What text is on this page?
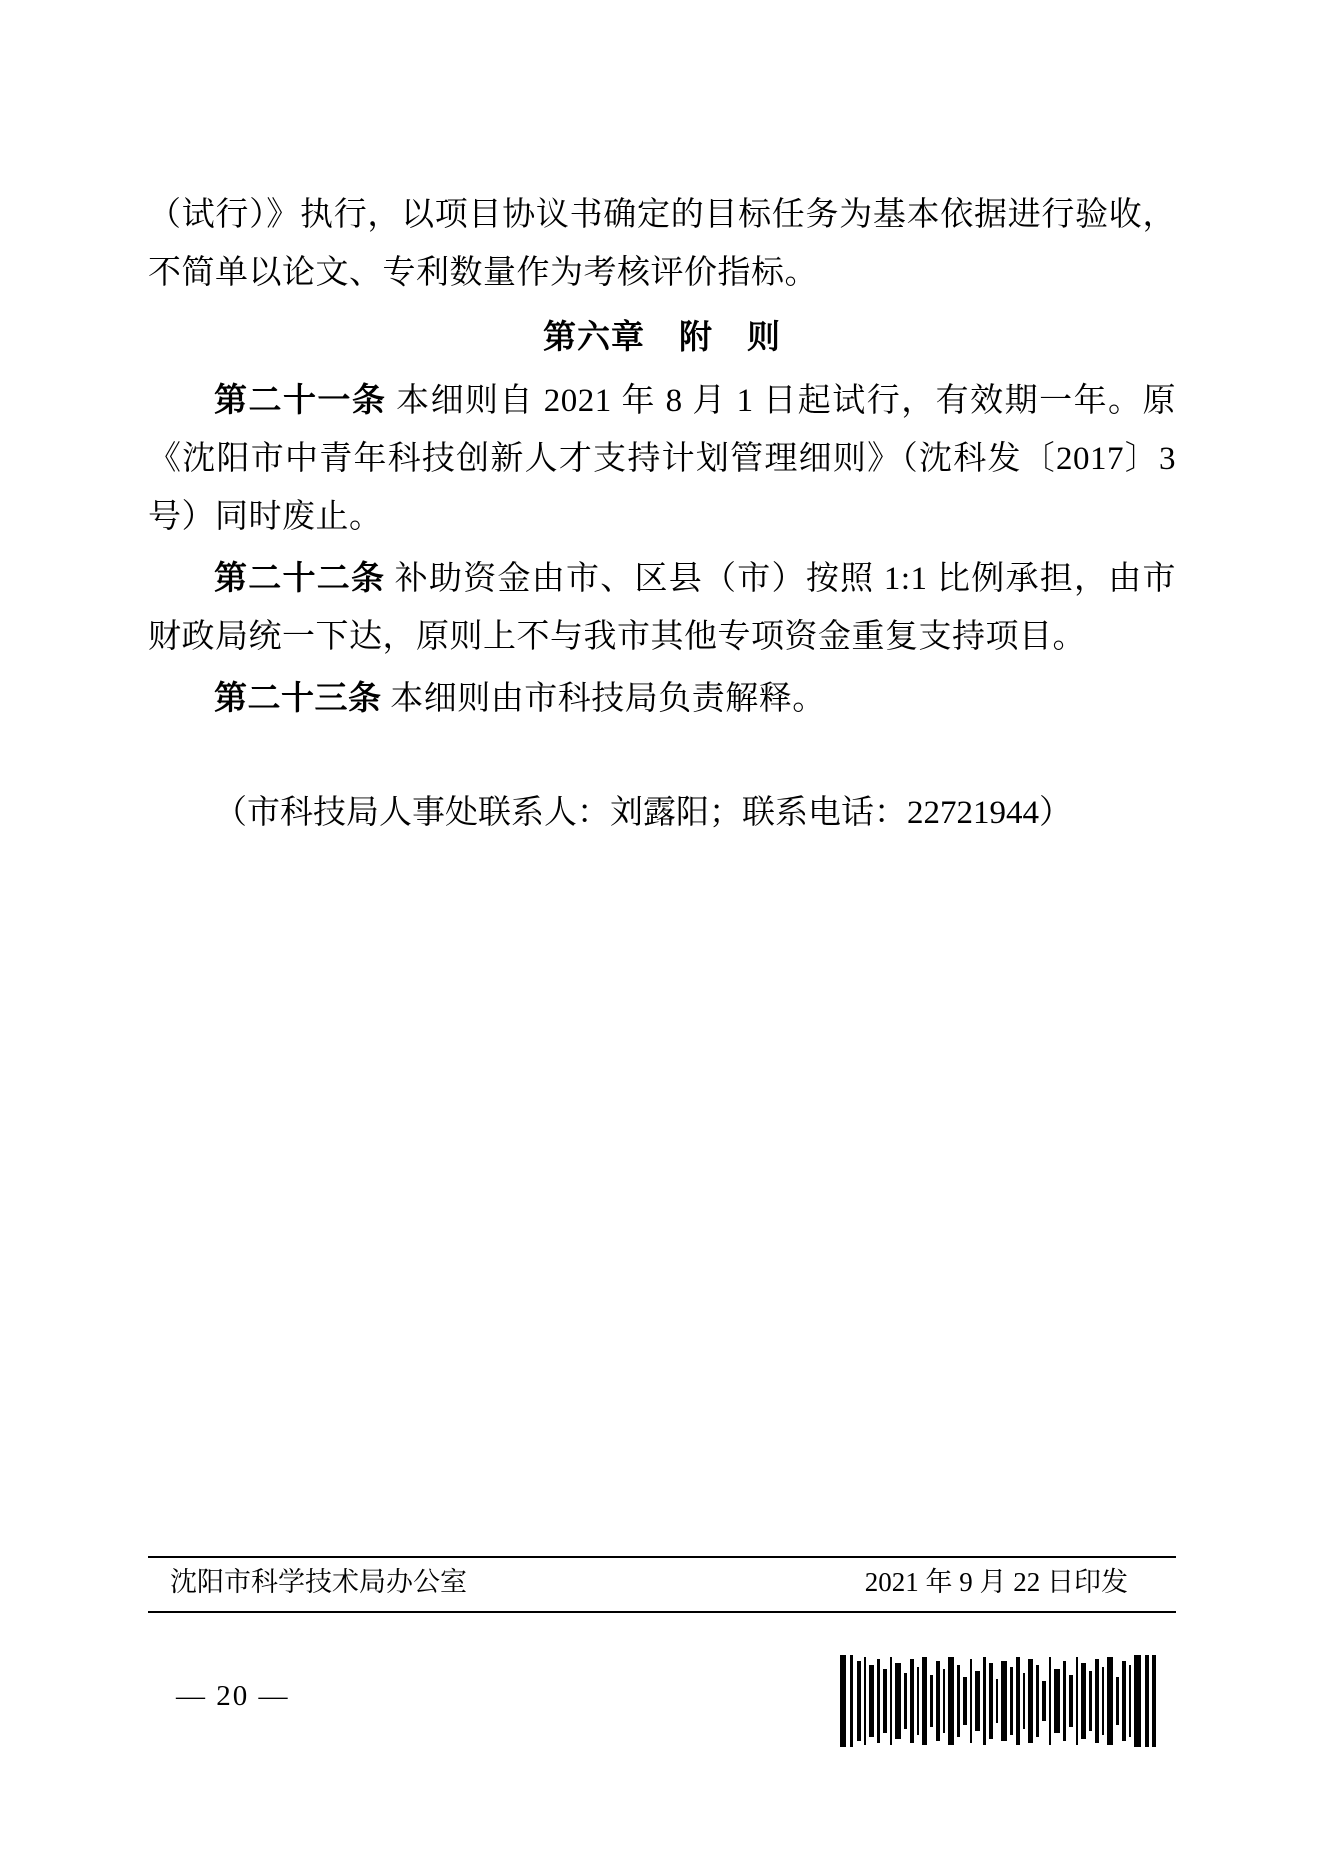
（试行）》执行，以项目协议书确定的目标任务为基本依据进行验收，不简单以论文、专利数量作为考核评价指标。

第六章　附　则

第二十一条 本细则自 2021 年 8 月 1 日起试行，有效期一年。原《沈阳市中青年科技创新人才支持计划管理细则》（沈科发〔2017〕3 号）同时废止。

第二十二条 补助资金由市、区县（市）按照 1:1 比例承担，由市财政局统一下达，原则上不与我市其他专项资金重复支持项目。

第二十三条 本细则由市科技局负责解释。

（市科技局人事处联系人：刘露阳；联系电话：22721944）

沈阳市科学技术局办公室	2021 年 9 月 22 日印发
— 20 —
